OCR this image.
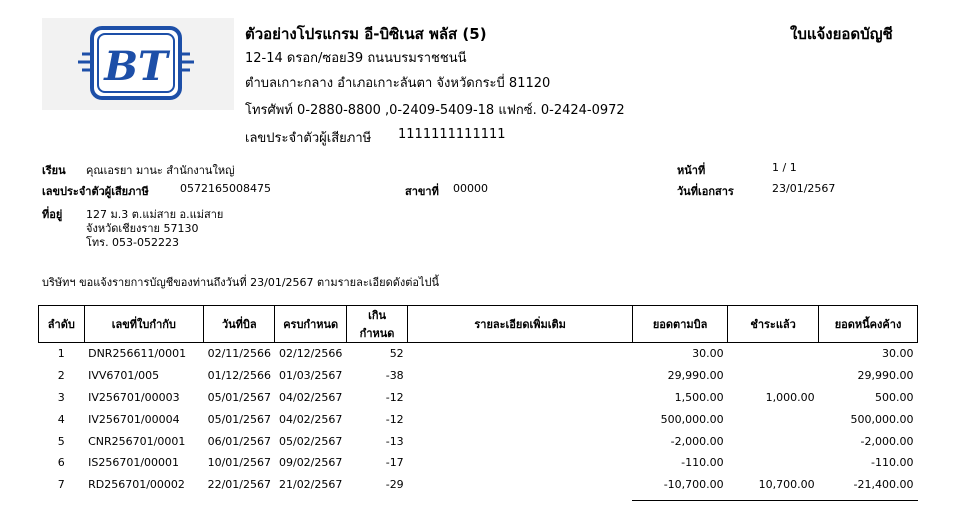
BT
ตัวอย่างโปรแกรม อี-บิซิเนส พลัส (5)
12-14 ดรอก/ซอย39 ถนนบรมราชชนนี
ตำบลเกาะกลาง อำเภอเกาะลันตา จังหวัดกระบี่ 81120
โทรศัพท์ 0-2880-8800 ,0-2409-5409-18 แฟกซ์. 0-2424-0972
เลขประจำตัวผู้เสียภาษี 1111111111111
ใบแจ้งยอดบัญชี
เรียน คุณเอรยา มานะ สำนักงานใหญ่
เลขประจำตัวผู้เสียภาษี	0572165008475	สาขาที่ 00000
ที่อยู่ 127 ม.3 ต.แม่สาย อ.แม่สาย
จังหวัดเชียงราย 57130
โทร. 053-052223
หน้าที่	1 / 1
วันที่เอกสาร	23/01/2567
บริษัทฯ ขอแจ้งรายการบัญชีของท่านถึงวันที่ 23/01/2567 ตามรายละเอียดดังต่อไปนี้
ลำดับ	เลขที่ใบกำกับ	วันที่บิล	ครบกำหนด	เกินกำหนด	รายละเอียดเพิ่มเติม	ยอดตามบิล	ชำระแล้ว	ยอดหนี้คงค้าง
1	DNR256611/0001	02/11/2566	02/12/2566	52		30.00		30.00
2	IVV6701/005	01/12/2566	01/03/2567	-38		29,990.00		29,990.00
3	IV256701/00003	05/01/2567	04/02/2567	-12		1,500.00	1,000.00	500.00
4	IV256701/00004	05/01/2567	04/02/2567	-12		500,000.00		500,000.00
5	CNR256701/0001	06/01/2567	05/02/2567	-13		-2,000.00		-2,000.00
6	IS256701/00001	10/01/2567	09/02/2567	-17		-110.00		-110.00
7	RD256701/00002	22/01/2567	21/02/2567	-29		-10,700.00	10,700.00	-21,400.00
